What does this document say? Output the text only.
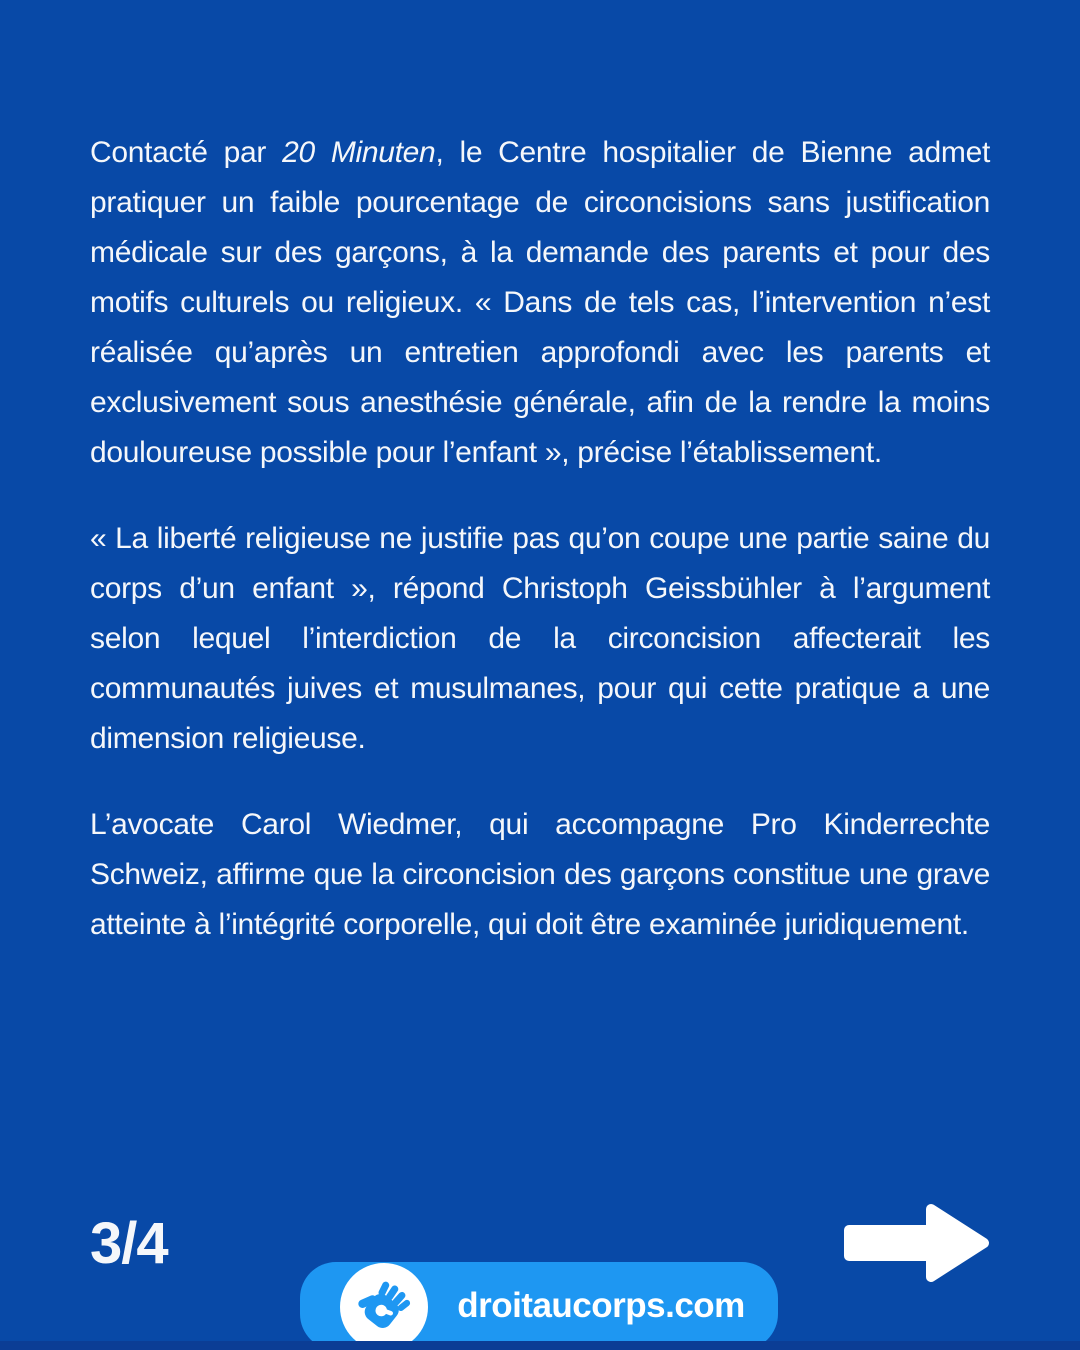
Contacté par 20 Minuten, le Centre hospitalier de Bienne admet pratiquer un faible pourcentage de circoncisions sans justification médicale sur des garçons, à la demande des parents et pour des motifs culturels ou religieux. « Dans de tels cas, l’intervention n’est réalisée qu’après un entretien approfondi avec les parents et exclusivement sous anesthésie générale, afin de la rendre la moins douloureuse possible pour l’enfant », précise l’établissement.

« La liberté religieuse ne justifie pas qu’on coupe une partie saine du corps d’un enfant », répond Christoph Geissbühler à l’argument selon lequel l’interdiction de la circoncision affecterait les communautés juives et musulmanes, pour qui cette pratique a une dimension religieuse.

L’avocate Carol Wiedmer, qui accompagne Pro Kinderrechte Schweiz, affirme que la circoncision des garçons constitue une grave atteinte à l’intégrité corporelle, qui doit être examinée juridiquement.

3/4
droitaucorps.com
